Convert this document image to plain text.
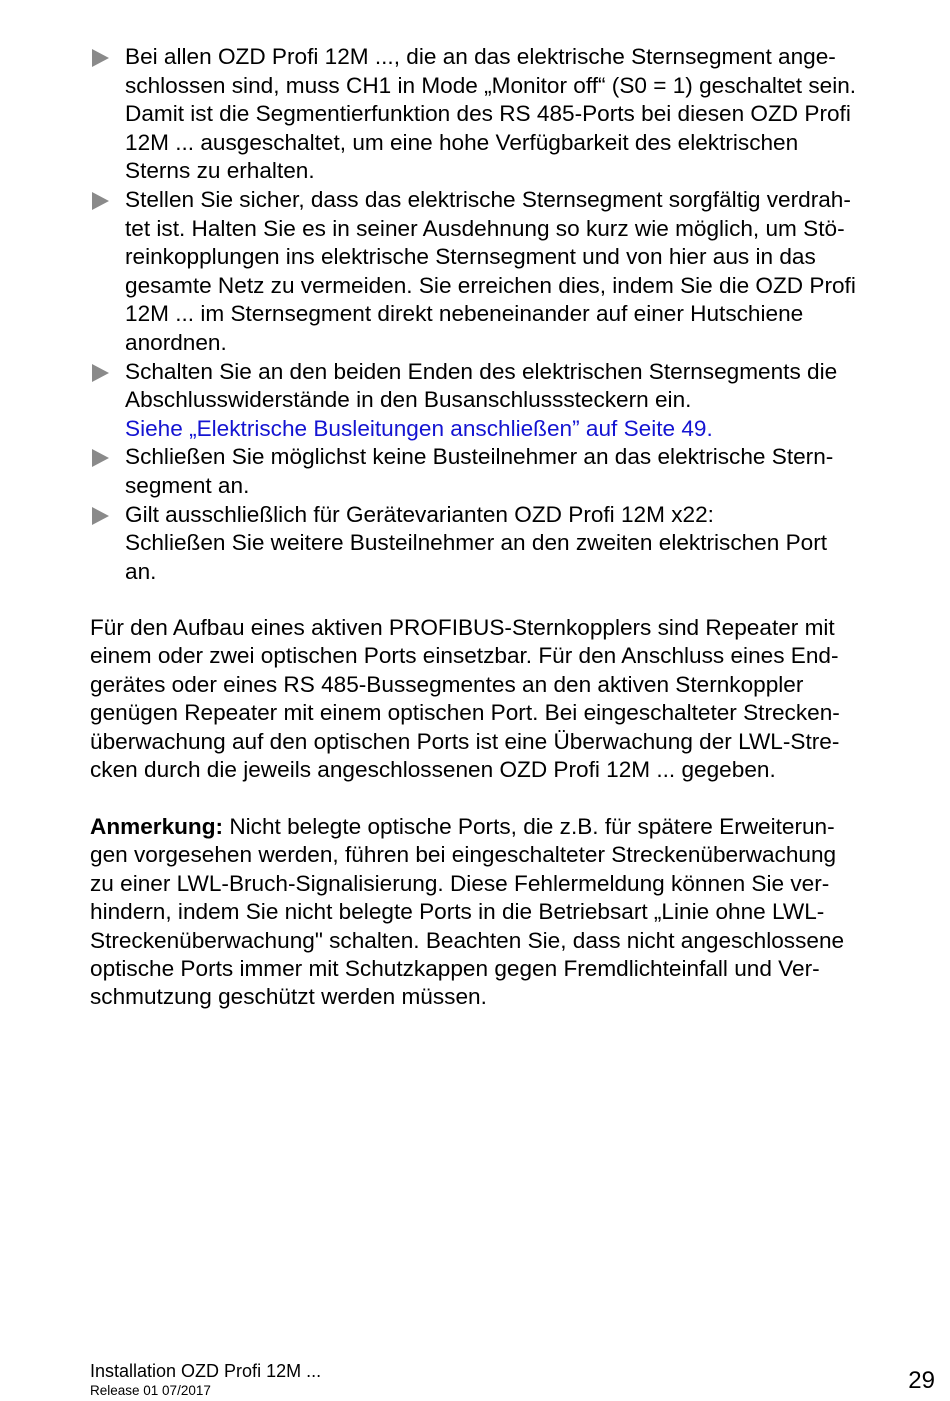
Bei allen OZD Profi 12M ..., die an das elektrische Sternsegment ange-
schlossen sind, muss CH1 in Mode „Monitor off“ (S0 = 1) geschaltet sein.
Damit ist die Segmentierfunktion des RS 485-Ports bei diesen OZD Profi
12M ... ausgeschaltet, um eine hohe Verfügbarkeit des elektrischen
Sterns zu erhalten.
Stellen Sie sicher, dass das elektrische Sternsegment sorgfältig verdrah-
tet ist. Halten Sie es in seiner Ausdehnung so kurz wie möglich, um Stö-
reinkopplungen ins elektrische Sternsegment und von hier aus in das
gesamte Netz zu vermeiden. Sie erreichen dies, indem Sie die OZD Profi
12M ... im Sternsegment direkt nebeneinander auf einer Hutschiene
anordnen.
Schalten Sie an den beiden Enden des elektrischen Sternsegments die
Abschlusswiderstände in den Busanschlusssteckern ein.
Siehe „Elektrische Busleitungen anschließen” auf Seite 49.
Schließen Sie möglichst keine Busteilnehmer an das elektrische Stern-
segment an.
Gilt ausschließlich für Gerätevarianten OZD Profi 12M x22:
Schließen Sie weitere Busteilnehmer an den zweiten elektrischen Port
an.

Für den Aufbau eines aktiven PROFIBUS-Sternkopplers sind Repeater mit
einem oder zwei optischen Ports einsetzbar. Für den Anschluss eines End-
gerätes oder eines RS 485-Bussegmentes an den aktiven Sternkoppler
genügen Repeater mit einem optischen Port. Bei eingeschalteter Strecken-
überwachung auf den optischen Ports ist eine Überwachung der LWL-Stre-
cken durch die jeweils angeschlossenen OZD Profi 12M ... gegeben.

Anmerkung: Nicht belegte optische Ports, die z.B. für spätere Erweiterun-
gen vorgesehen werden, führen bei eingeschalteter Streckenüberwachung
zu einer LWL-Bruch-Signalisierung. Diese Fehlermeldung können Sie ver-
hindern, indem Sie nicht belegte Ports in die Betriebsart „Linie ohne LWL-
Streckenüberwachung" schalten. Beachten Sie, dass nicht angeschlossene
optische Ports immer mit Schutzkappen gegen Fremdlichteinfall und Ver-
schmutzung geschützt werden müssen.

Installation OZD Profi 12M ...
Release 01 07/2017	29
